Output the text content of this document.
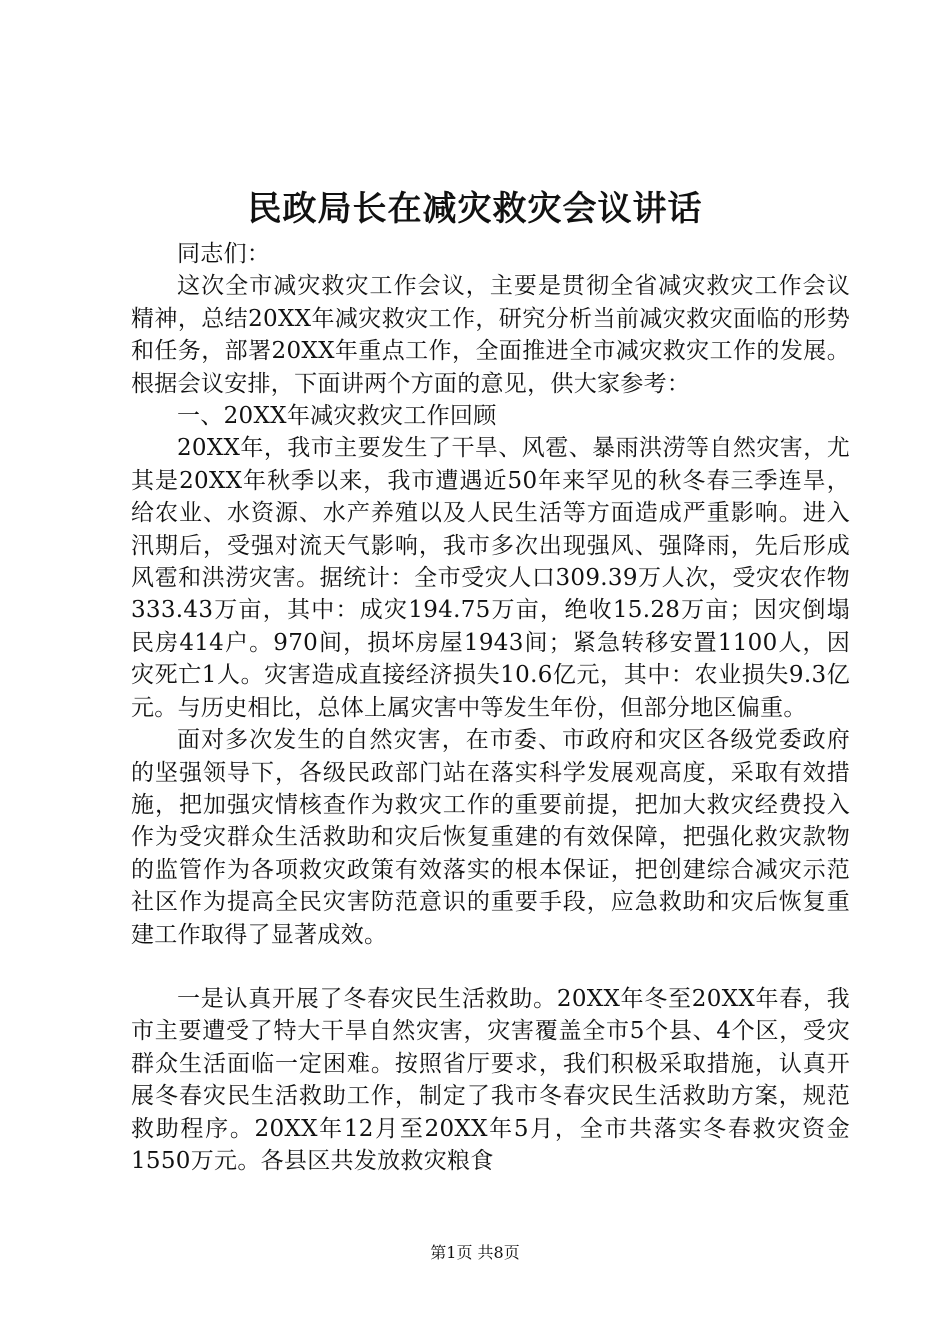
民政局长在减灾救灾会议讲话

同志们：

这次全市减灾救灾工作会议，主要是贯彻全省减灾救灾工作会议精神，总结20XX年减灾救灾工作，研究分析当前减灾救灾面临的形势和任务，部署20XX年重点工作，全面推进全市减灾救灾工作的发展。根据会议安排，下面讲两个方面的意见，供大家参考：

一、20XX年减灾救灾工作回顾

20XX年，我市主要发生了干旱、风雹、暴雨洪涝等自然灾害，尤其是20XX年秋季以来，我市遭遇近50年来罕见的秋冬春三季连旱，给农业、水资源、水产养殖以及人民生活等方面造成严重影响。进入汛期后，受强对流天气影响，我市多次出现强风、强降雨，先后形成风雹和洪涝灾害。据统计：全市受灾人口309.39万人次，受灾农作物333.43万亩，其中：成灾194.75万亩，绝收15.28万亩；因灾倒塌民房414户。970间，损坏房屋1943间；紧急转移安置1100人，因灾死亡1人。灾害造成直接经济损失10.6亿元，其中：农业损失9.3亿元。与历史相比，总体上属灾害中等发生年份，但部分地区偏重。

面对多次发生的自然灾害，在市委、市政府和灾区各级党委政府的坚强领导下，各级民政部门站在落实科学发展观高度，采取有效措施，把加强灾情核查作为救灾工作的重要前提，把加大救灾经费投入作为受灾群众生活救助和灾后恢复重建的有效保障，把强化救灾款物的监管作为各项救灾政策有效落实的根本保证，把创建综合减灾示范社区作为提高全民灾害防范意识的重要手段，应急救助和灾后恢复重建工作取得了显著成效。

一是认真开展了冬春灾民生活救助。20XX年冬至20XX年春，我市主要遭受了特大干旱自然灾害，灾害覆盖全市5个县、4个区，受灾群众生活面临一定困难。按照省厅要求，我们积极采取措施，认真开展冬春灾民生活救助工作，制定了我市冬春灾民生活救助方案，规范救助程序。20XX年12月至20XX年5月，全市共落实冬春救灾资金1550万元。各县区共发放救灾粮食

第1页 共8页
